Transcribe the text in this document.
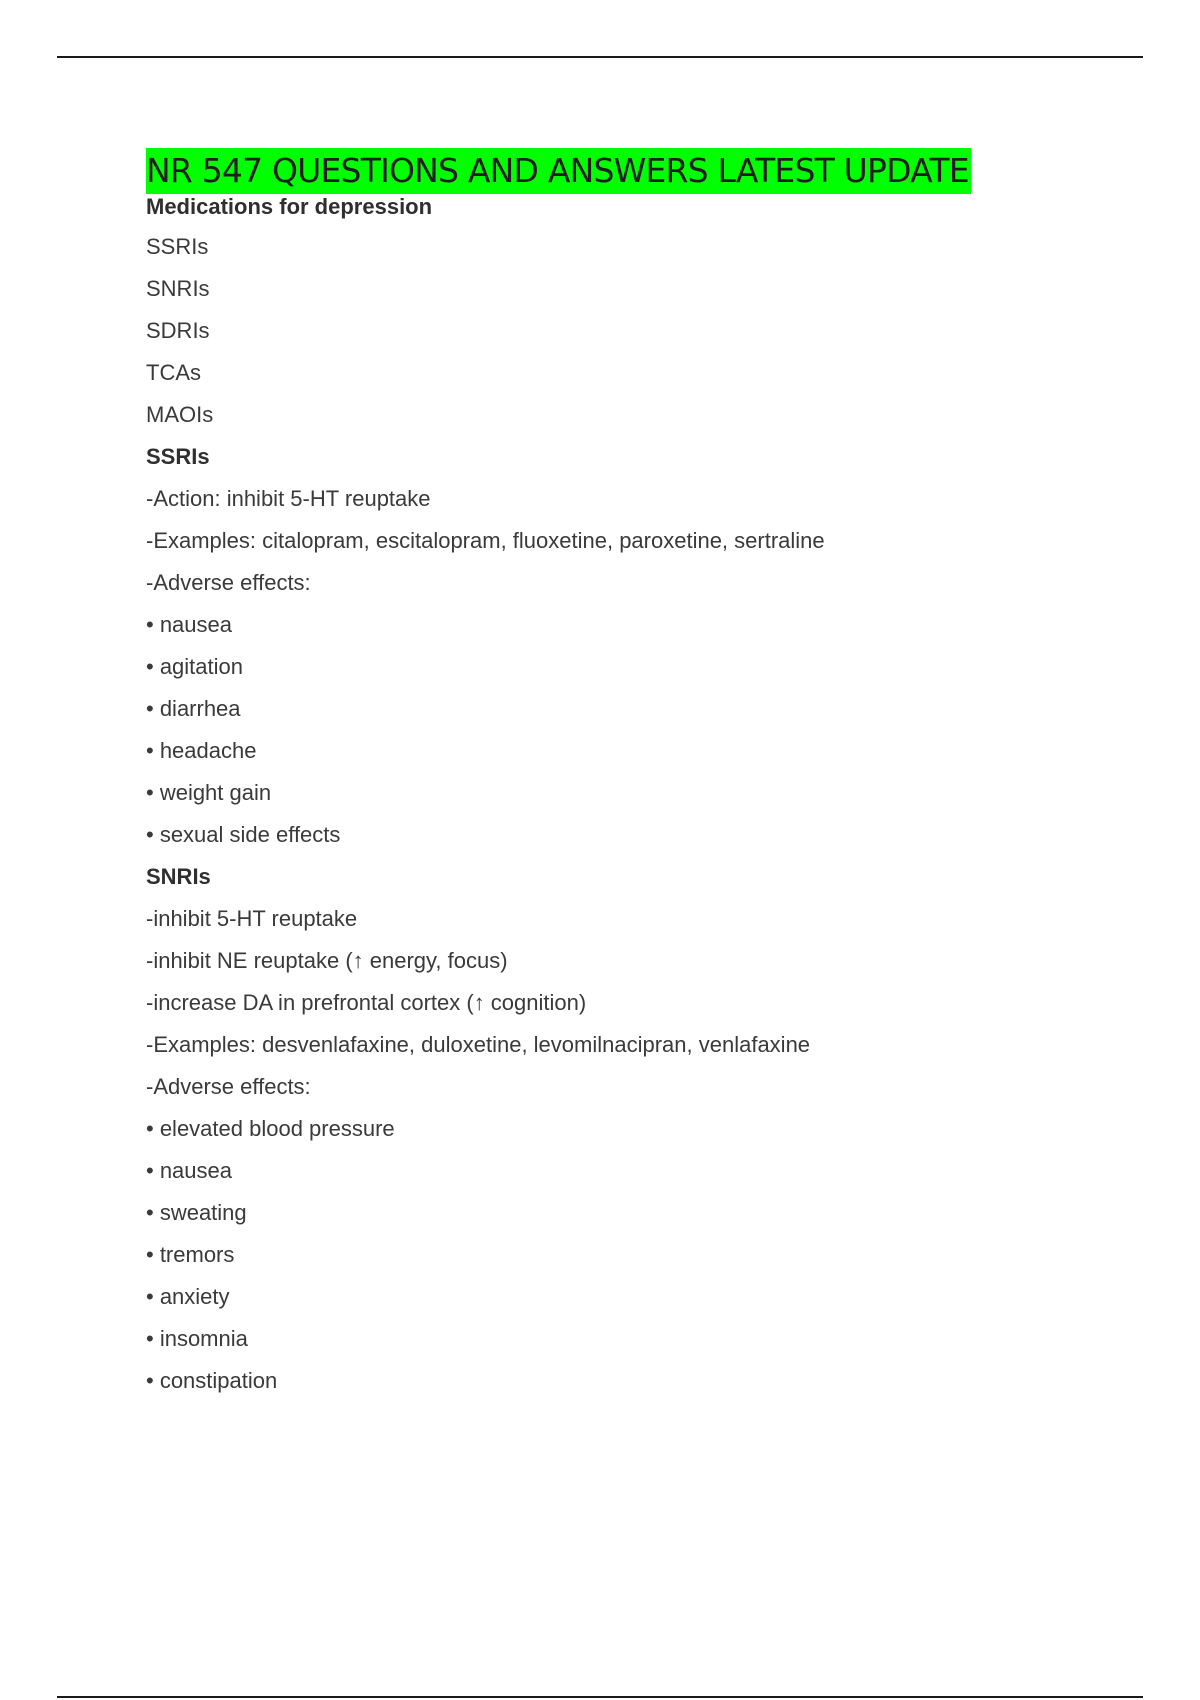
NR 547 QUESTIONS AND ANSWERS LATEST UPDATE
Medications for depression
SSRIs
SNRIs
SDRIs
TCAs
MAOIs
SSRIs
-Action: inhibit 5-HT reuptake
-Examples: citalopram, escitalopram, fluoxetine, paroxetine, sertraline
-Adverse effects:
• nausea
• agitation
• diarrhea
• headache
• weight gain
• sexual side effects
SNRIs
-inhibit 5-HT reuptake
-inhibit NE reuptake (↑ energy, focus)
-increase DA in prefrontal cortex (↑ cognition)
-Examples: desvenlafaxine, duloxetine, levomilnacipran, venlafaxine
-Adverse effects:
• elevated blood pressure
• nausea
• sweating
• tremors
• anxiety
• insomnia
• constipation
